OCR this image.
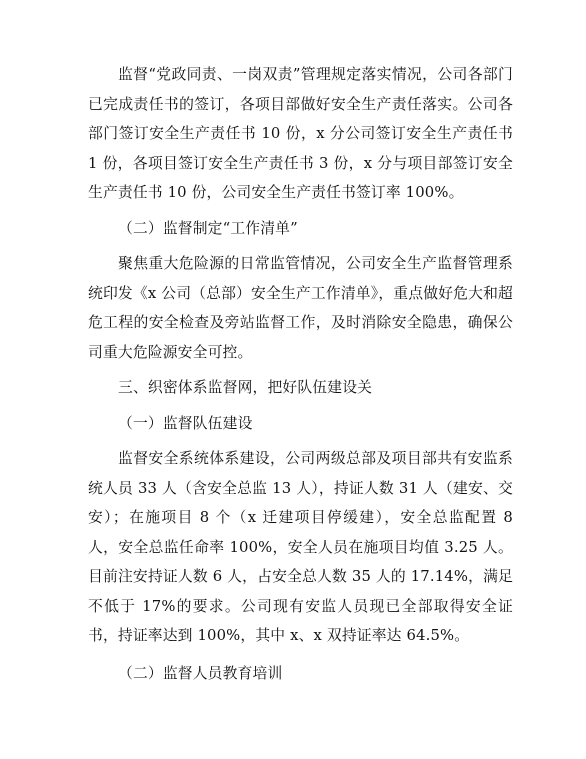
监督“党政同责、一岗双责”管理规定落实情况，公司各部门已完成责任书的签订，各项目部做好安全生产责任落实。公司各部门签订安全生产责任书 10 份，x 分公司签订安全生产责任书 1 份，各项目签订安全生产责任书 3 份，x 分与项目部签订安全生产责任书 10 份，公司安全生产责任书签订率 100%。

（二）监督制定“工作清单”

聚焦重大危险源的日常监管情况，公司安全生产监督管理系统印发《x 公司（总部）安全生产工作清单》，重点做好危大和超危工程的安全检查及旁站监督工作，及时消除安全隐患，确保公司重大危险源安全可控。

三、织密体系监督网，把好队伍建设关

（一）监督队伍建设

监督安全系统体系建设，公司两级总部及项目部共有安监系统人员 33 人（含安全总监 13 人），持证人数 31 人（建安、交安）；在施项目 8 个（x 迁建项目停缓建），安全总监配置 8 人，安全总监任命率 100%，安全人员在施项目均值 3.25 人。目前注安持证人数 6 人，占安全总人数 35 人的 17.14%，满足不低于 17%的要求。公司现有安监人员现已全部取得安全证书，持证率达到 100%，其中 x、x 双持证率达 64.5%。

（二）监督人员教育培训
